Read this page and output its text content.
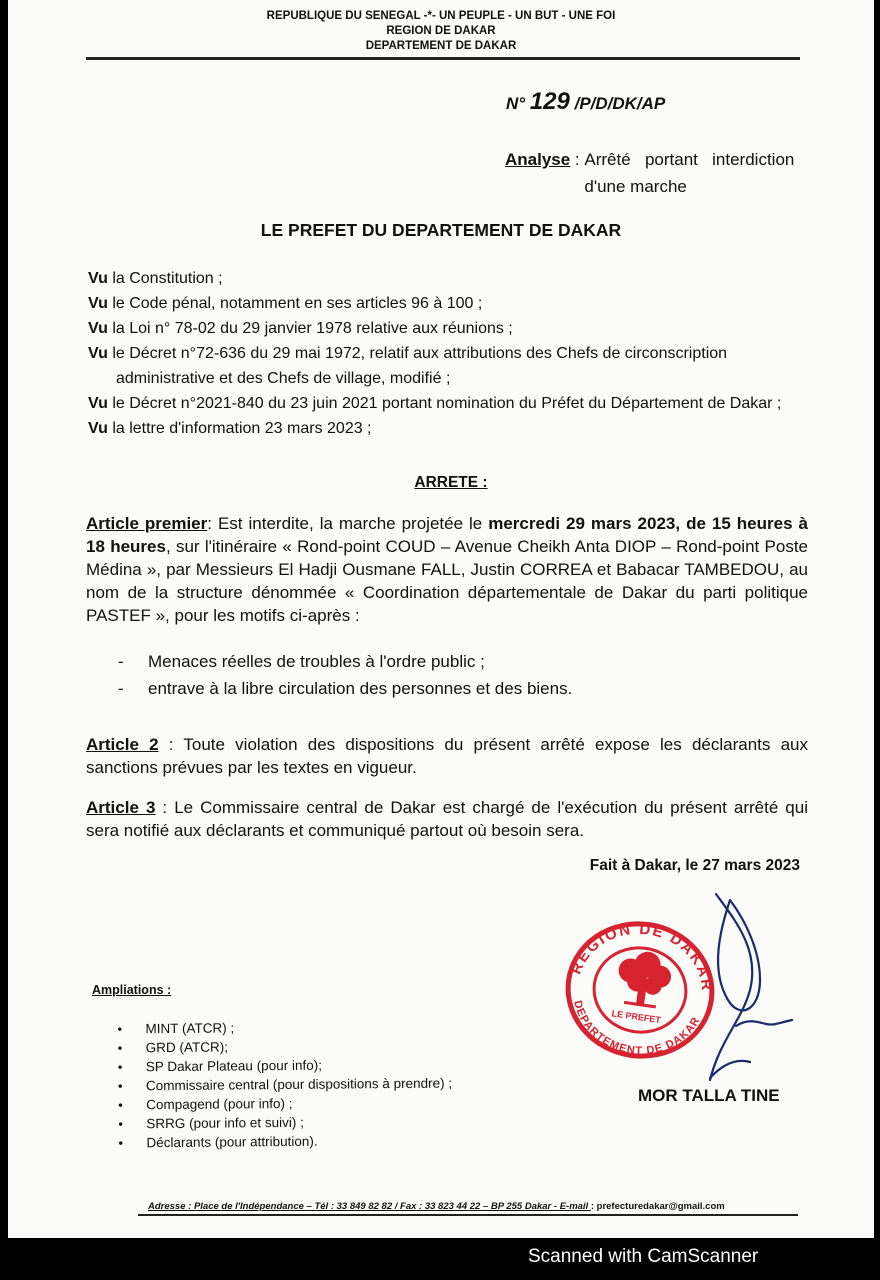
REPUBLIQUE DU SENEGAL -*- UN PEUPLE - UN BUT - UNE FOI
REGION DE DAKAR
DEPARTEMENT DE DAKAR
N° 129 /P/D/DK/AP
Analyse : Arrêté portant interdiction d'une marche
LE PREFET DU DEPARTEMENT DE DAKAR

Vu la Constitution ;

Vu le Code pénal, notamment en ses articles 96 à 100 ;

Vu la Loi n° 78-02 du 29 janvier 1978 relative aux réunions ;

Vu le Décret n°72-636 du 29 mai 1972, relatif aux attributions des Chefs de circonscription

administrative et des Chefs de village, modifié ;

Vu le Décret n°2021-840 du 23 juin 2021 portant nomination du Préfet du Département de Dakar ;

Vu la lettre d'information 23 mars 2023 ;

ARRETE :
Article premier: Est interdite, la marche projetée le mercredi 29 mars 2023, de 15 heures à 18 heures, sur l'itinéraire « Rond-point COUD – Avenue Cheikh Anta DIOP – Rond-point Poste Médina », par Messieurs El Hadji Ousmane FALL, Justin CORREA et Babacar TAMBEDOU, au nom de la structure dénommée « Coordination départementale de Dakar du parti politique PASTEF », pour les motifs ci-après :

- Menaces réelles de troubles à l'ordre public ;

- entrave à la libre circulation des personnes et des biens.

Article 2 : Toute violation des dispositions du présent arrêté expose les déclarants aux sanctions prévues par les textes en vigueur.
Article 3 : Le Commissaire central de Dakar est chargé de l'exécution du présent arrêté qui sera notifié aux déclarants et communiqué partout où besoin sera.
Fait à Dakar, le 27 mars 2023
Ampliations :

• MINT (ATCR) ;

• GRD (ATCR);

• SP Dakar Plateau (pour info);

• Commissaire central (pour dispositions à prendre) ;

• Compagend (pour info) ;

• SRRG (pour info et suivi) ;

• Déclarants (pour attribution).

REGION DE DAKAR
DEPARTEMENT DE DAKAR
LE PREFET
MOR TALLA TINE
Adresse : Place de l'Indépendance – Tél : 33 849 82 82 / Fax : 33 823 44 22 – BP 255 Dakar - E-mail : prefecturedakar@gmail.com
Scanned with CamScanner
